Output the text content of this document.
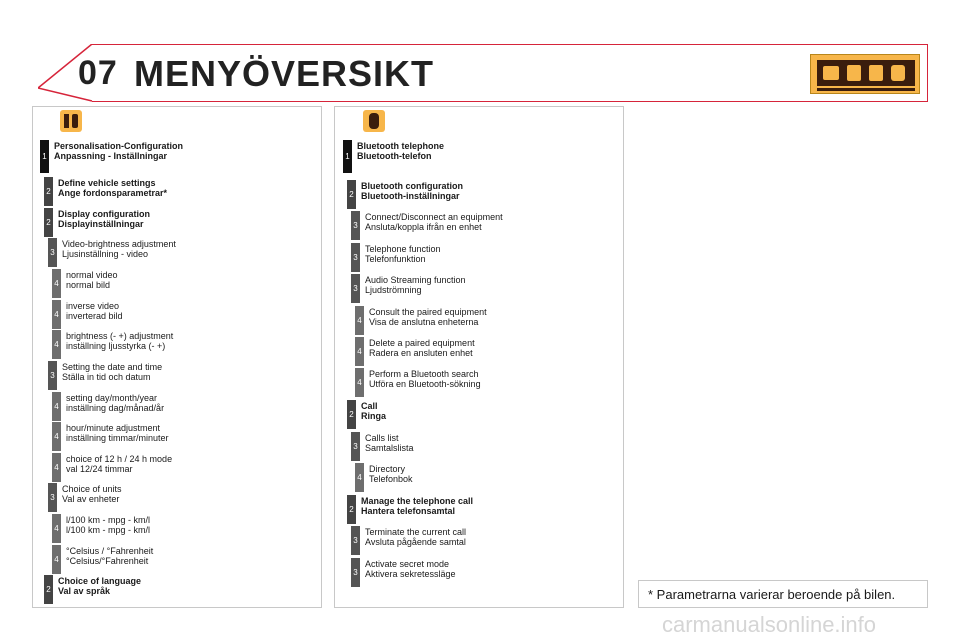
07 MENYÖVERSIKT
1
Personalisation-Configuration
Anpassning - Inställningar
2
Define vehicle settings
Ange fordonsparametrar*
2
Display configuration
Displayinställningar
3
Video-brightness adjustment
Ljusinställning - video
4
normal video
normal bild
4
inverse video
inverterad bild
4
brightness (- +) adjustment
inställning ljusstyrka (- +)
3
Setting the date and time
Ställa in tid och datum
4
setting day/month/year
inställning dag/månad/år
4
hour/minute adjustment
inställning timmar/minuter
4
choice of 12 h / 24 h mode
val 12/24 timmar
3
Choice of units
Val av enheter
4
l/100 km - mpg - km/l
l/100 km - mpg - km/l
4
°Celsius / °Fahrenheit
°Celsius/°Fahrenheit
2
Choice of language
Val av språk
1
Bluetooth telephone
Bluetooth-telefon
2
Bluetooth configuration
Bluetooth-inställningar
3
Connect/Disconnect an equipment
Ansluta/koppla ifrån en enhet
3
Telephone function
Telefonfunktion
3
Audio Streaming function
Ljudströmning
4
Consult the paired equipment
Visa de anslutna enheterna
4
Delete a paired equipment
Radera en ansluten enhet
4
Perform a Bluetooth search
Utföra en Bluetooth-sökning
2
Call
Ringa
3
Calls list
Samtalslista
4
Directory
Telefonbok
2
Manage the telephone call
Hantera telefonsamtal
3
Terminate the current call
Avsluta pågående samtal
3
Activate secret mode
Aktivera sekretessläge
* Parametrarna varierar beroende på bilen.
carmanualsonline.info
